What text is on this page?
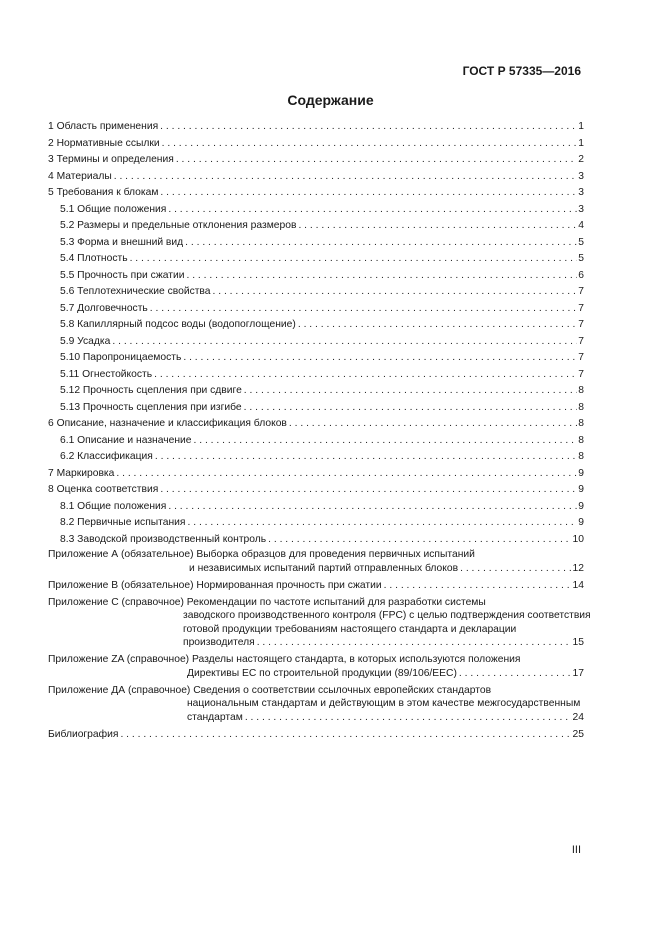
ГОСТ Р 57335—2016
Содержание
1 Область применения . . .	1
2 Нормативные ссылки . . .	1
3 Термины и определения . . .	2
4 Материалы . . .	3
5 Требования к блокам . . .	3
5.1 Общие положения . . .	3
5.2 Размеры и предельные отклонения размеров . . .	4
5.3 Форма и внешний вид . . .	5
5.4 Плотность . . .	5
5.5 Прочность при сжатии . . .	6
5.6 Теплотехнические свойства . . .	7
5.7 Долговечность . . .	7
5.8 Капиллярный подсос воды (водопоглощение) . . .	7
5.9 Усадка . . .	7
5.10 Паропроницаемость . . .	7
5.11 Огнестойкость . . .	7
5.12 Прочность сцепления при сдвиге . . .	8
5.13 Прочность сцепления при изгибе . . .	8
6 Описание, назначение и классификация блоков . . .	8
6.1 Описание и назначение . . .	8
6.2 Классификация . . .	8
7 Маркировка . . .	9
8 Оценка соответствия . . .	9
8.1 Общие положения . . .	9
8.2 Первичные испытания . . .	9
8.3 Заводской производственный контроль . . .	10
Приложение А (обязательное) Выборка образцов для проведения первичных испытаний
и независимых испытаний партий отправленных блоков . . .	12
Приложение В (обязательное) Нормированная прочность при сжатии . . .	14
Приложение С (справочное) Рекомендации по частоте испытаний для разработки системы
заводского производственного контроля (FPC) с целью подтверждения соответствия
готовой продукции требованиям настоящего стандарта и декларации
производителя . . .	15
Приложение ZA (справочное) Разделы настоящего стандарта, в которых используются положения
Директивы ЕС по строительной продукции (89/106/EEC) . . .	17
Приложение ДА (справочное) Сведения о соответствии ссылочных европейских стандартов
национальным стандартам и действующим в этом качестве межгосударственным
стандартам . . .	24
Библиография . . .	25
III
